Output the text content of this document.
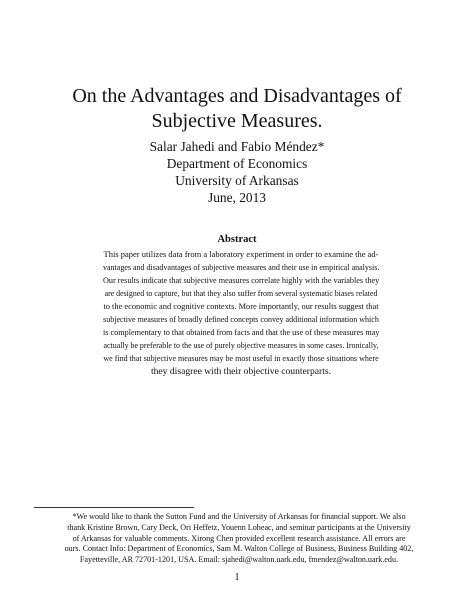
On the Advantages and Disadvantages of
Subjective Measures.
Salar Jahedi and Fabio Méndez*
Department of Economics
University of Arkansas
June, 2013
Abstract
This paper utilizes data from a laboratory experiment in order to examine the ad-
vantages and disadvantages of subjective measures and their use in empirical analysis.
Our results indicate that subjective measures correlate highly with the variables they
are designed to capture, but that they also suffer from several systematic biases related
to the economic and cognitive contexts. More importantly, our results suggest that
subjective measures of broadly defined concepts convey additional information which
is complementary to that obtained from facts and that the use of these measures may
actually be preferable to the use of purely objective measures in some cases. Ironically,
we find that subjective measures may be most useful in exactly those situations where
they disagree with their objective counterparts.
*We would like to thank the Sutton Fund and the University of Arkansas for financial support. We also
thank Kristine Brown, Cary Deck, Ori Heffetz, Youenn Loheac, and seminar participants at the University
of Arkansas for valuable comments. Xirong Chen provided excellent research assistance. All errors are
ours. Contact Info: Department of Economics, Sam M. Walton College of Business, Business Building 402,
Fayetteville, AR 72701-1201, USA. Email: sjahedi@walton.uark.edu, fmendez@walton.uark.edu.
1
